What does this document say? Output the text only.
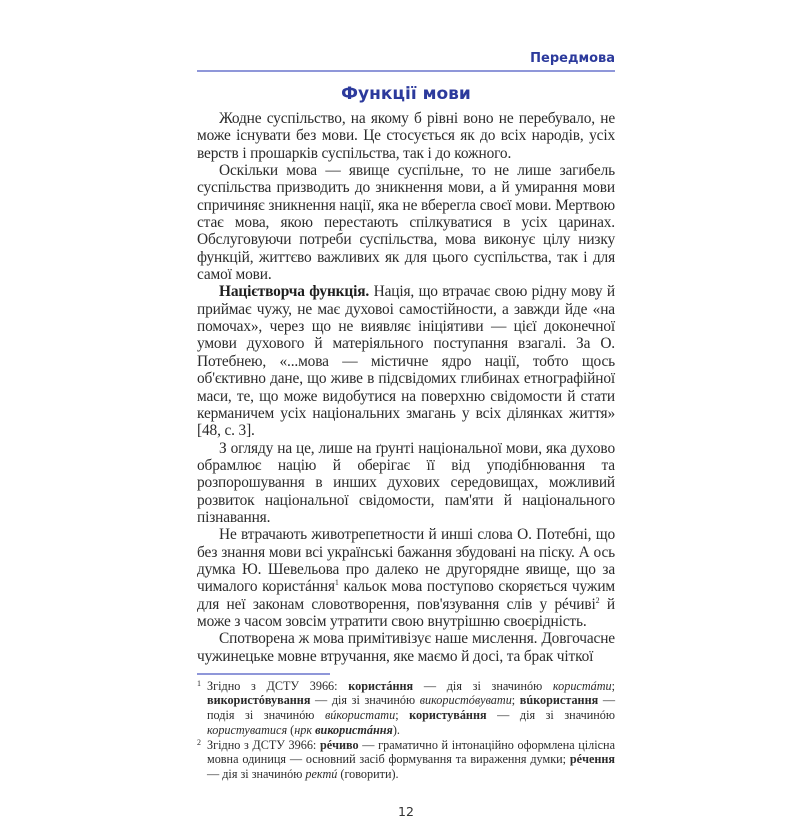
Передмова
Функції мови

Жодне суспільство, на якому б рівні воно не перебувало, не може існувати без мови. Це стосується як до всіх народів, усіх верств і прошарків суспільства, так і до кожного.

Оскільки мова — явище суспільне, то не лише загибель суспільства призводить до зникнення мови, а й умирання мови спричиняє зникнення нації, яка не вберегла своєї мови. Мертвою стає мова, якою перестають спілкуватися в усіх царинах. Обслуговуючи потреби суспільства, мова виконує цілу низку функцій, життєво важливих як для цього суспільства, так і для самої мови.

Націєтворча функція. Нація, що втрачає свою рідну мову й приймає чужу, не має духовоі самостійности, а завжди йде «на помочах», через що не виявляє ініціятиви — цієї доконечної умови духового й матеріяльного поступання взагалі. За О. Потебнею, «...мова — містичне ядро нації, тобто щось об'єктивно дане, що живе в підсвідомих глибинах етнографійної маси, те, що може видобутися на поверхню свідомости й стати керманичем усіх національних змагань у всіх ділянках життя» [48, с. 3].

З огляду на це, лише на ґрунті національної мови, яка духово обрамлює націю й оберігає її від уподібнювання та розпорошування в инших духових середовищах, можливий розвиток національної свідомости, пам'яти й національного пізнавання.

Не втрачають животрепетности й инші слова О. Потебні, що без знання мови всі українські бажання збудовані на піску. А ось думка Ю. Шевельова про далеко не другорядне явище, що за чималого користáння$^1$ кальок мова поступово скоряється чужим для неї законам словотворення, пов'язування слів у рéчиві$^2$ й може з часом зовсім утратити свою внутрішню своєрідність.

Спотворена ж мова примітивізує наше мислення. Довгочасне чужинецьке мовне втручання, яке маємо й досі, та брак чіткої

1 Згідно з ДСТУ 3966: користáння — дія зі значинóю користáти; використóвування — дія зі значинóю використóвувати; вúкористання — подія зі значинóю вúкористати; користувáння — дія зі значинóю користуватися (нрк використáння).

2 Згідно з ДСТУ 3966: рéчиво — граматично й інтонаційно оформлена цілісна мовна одиниця — основний засіб формування та вираження думки; рéчення — дія зі значинóю ректú (говорити).

12
